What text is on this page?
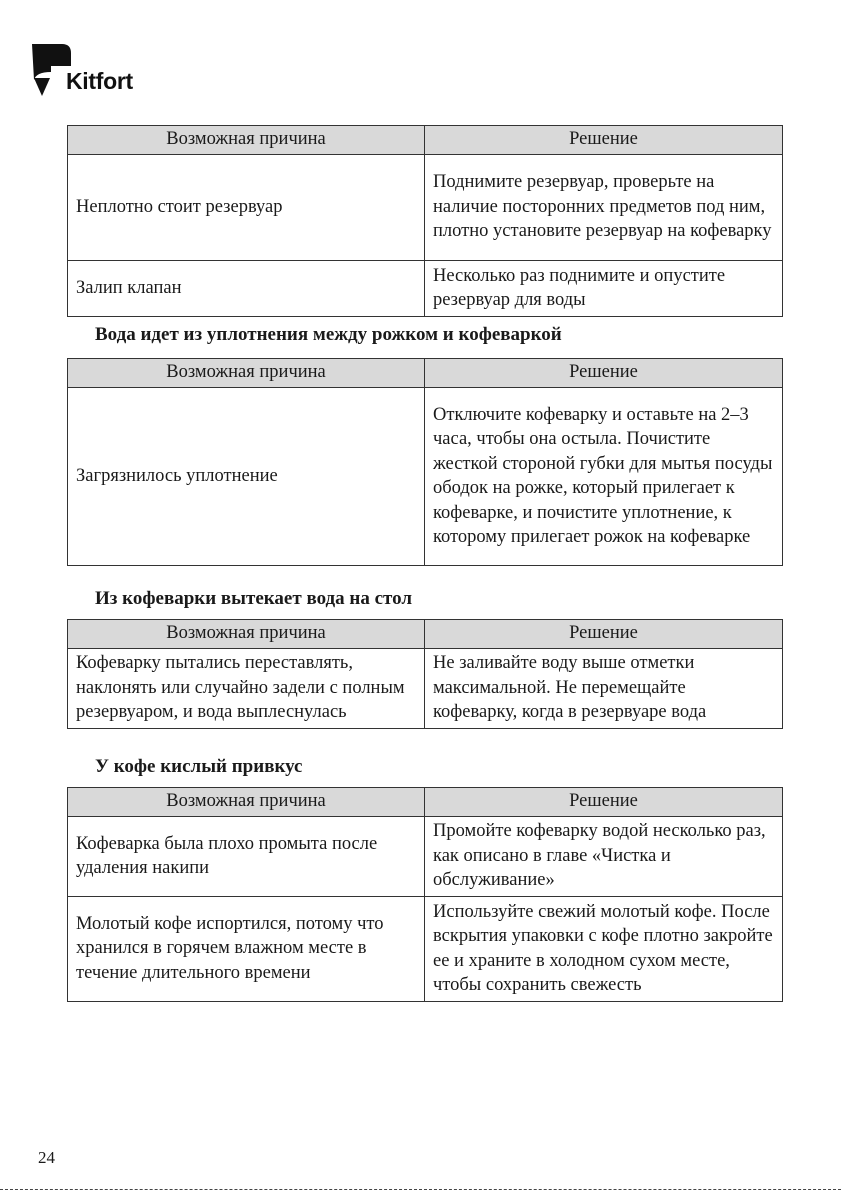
Kitfort
Возможная причина	Решение
Неплотно стоит резервуар	Поднимите резервуар, проверьте на наличие посторонних предметов под ним, плотно установите резервуар на кофеварку
Залип клапан	Несколько раз поднимите и опустите резервуар для воды
Вода идет из уплотнения между рожком и кофеваркой
Возможная причина	Решение
Загрязнилось уплотнение	Отключите кофеварку и оставьте на 2–3 часа, чтобы она остыла. Почистите жесткой стороной губки для мытья посуды ободок на рожке, который прилегает к кофеварке, и почистите уплотнение, к которому прилегает рожок на кофеварке
Из кофеварки вытекает вода на стол
Возможная причина	Решение
Кофеварку пытались переставлять, наклонять или случайно задели с полным резервуаром, и вода выплеснулась	Не заливайте воду выше отметки максимальной. Не перемещайте кофеварку, когда в резервуаре вода
У кофе кислый привкус
Возможная причина	Решение
Кофеварка была плохо промыта после удаления накипи	Промойте кофеварку водой несколько раз, как описано в главе «Чистка и обслуживание»
Молотый кофе испортился, потому что хранился в горячем влажном месте в течение длительного времени	Используйте свежий молотый кофе. После вскрытия упаковки с кофе плотно закройте ее и храните в холодном сухом месте, чтобы сохранить свежесть
24
